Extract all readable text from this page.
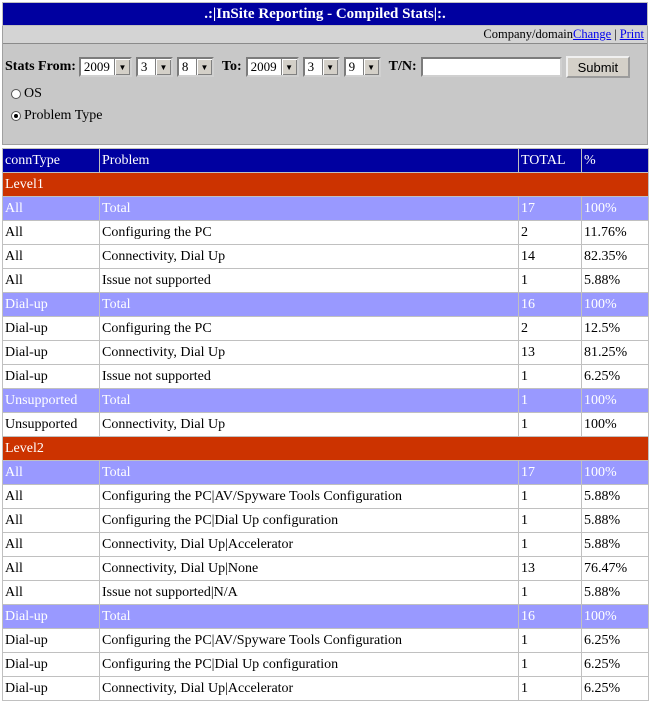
.:|InSite Reporting - Compiled Stats|:.
Company/domainChange | Print
Stats From: 2009	▼ 3	▼ 8	▼ To: 2009	▼ 3	▼ 9	▼ T/N:	Submit
OS
Problem Type
connType	Problem	TOTAL	%
Level1			
All	Total	17	100%
All	Configuring the PC	2	11.76%
All	Connectivity, Dial Up	14	82.35%
All	Issue not supported	1	5.88%
Dial-up	Total	16	100%
Dial-up	Configuring the PC	2	12.5%
Dial-up	Connectivity, Dial Up	13	81.25%
Dial-up	Issue not supported	1	6.25%
Unsupported	Total	1	100%
Unsupported	Connectivity, Dial Up	1	100%
Level2			
All	Total	17	100%
All	Configuring the PC|AV/Spyware Tools Configuration	1	5.88%
All	Configuring the PC|Dial Up configuration	1	5.88%
All	Connectivity, Dial Up|Accelerator	1	5.88%
All	Connectivity, Dial Up|None	13	76.47%
All	Issue not supported|N/A	1	5.88%
Dial-up	Total	16	100%
Dial-up	Configuring the PC|AV/Spyware Tools Configuration	1	6.25%
Dial-up	Configuring the PC|Dial Up configuration	1	6.25%
Dial-up	Connectivity, Dial Up|Accelerator	1	6.25%
